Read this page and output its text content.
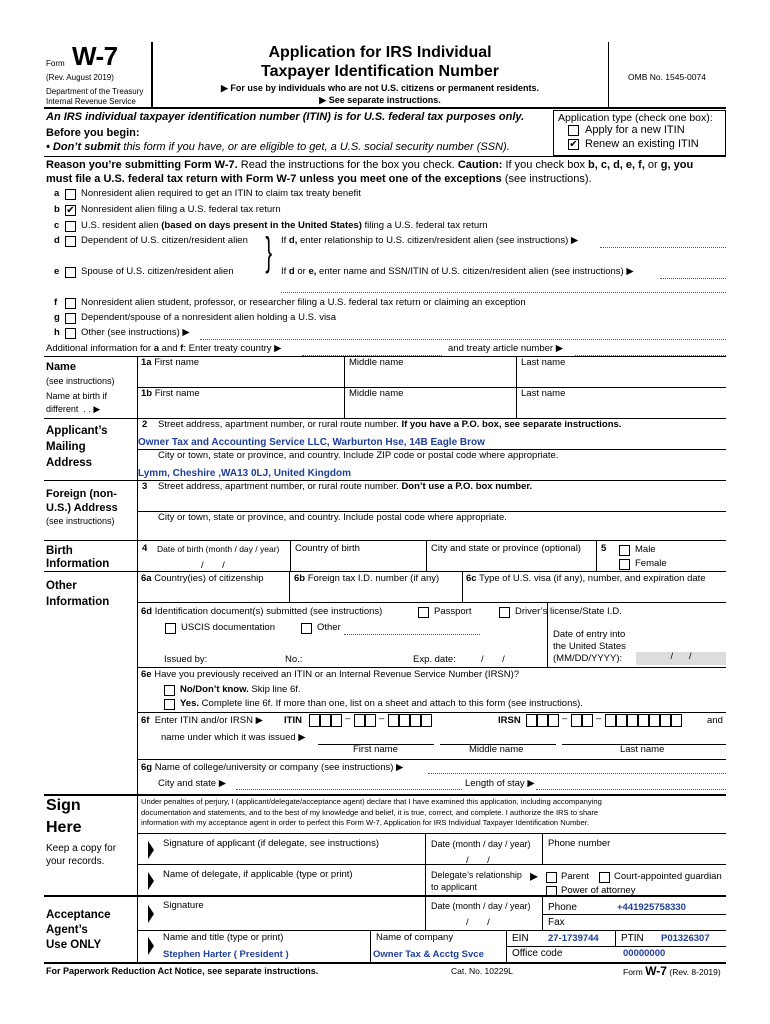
Form W-7
(Rev. August 2019)
Department of the Treasury
Internal Revenue Service
Application for IRS Individual
Taxpayer Identification Number
▶ For use by individuals who are not U.S. citizens or permanent residents.
▶ See separate instructions.
OMB No. 1545-0074
An IRS individual taxpayer identification number (ITIN) is for U.S. federal tax purposes only.
Before you begin:
• Don’t submit this form if you have, or are eligible to get, a U.S. social security number (SSN).
Application type (check one box):
Apply for a new ITIN
✔ Renew an existing ITIN
Reason you’re submitting Form W-7. Read the instructions for the box you check. Caution: If you check box b, c, d, e, f, or g, you
must file a U.S. federal tax return with Form W-7 unless you meet one of the exceptions (see instructions).
a Nonresident alien required to get an ITIN to claim tax treaty benefit
b ✔ Nonresident alien filing a U.S. federal tax return
c U.S. resident alien (based on days present in the United States) filing a U.S. federal tax return
d Dependent of U.S. citizen/resident alien } If d, enter relationship to U.S. citizen/resident alien (see instructions) ▶
e Spouse of U.S. citizen/resident alien	If d or e, enter name and SSN/ITIN of U.S. citizen/resident alien (see instructions) ▶
f	Nonresident alien student, professor, or researcher filing a U.S. federal tax return or claiming an exception
g Dependent/spouse of a nonresident alien holding a U.S. visa
h Other (see instructions) ▶
Additional information for a and f: Enter treaty country ▶	and treaty article number ▶
Name
(see instructions)
Name at birth if
different . . ▶
1a First name	Middle name	Last name
1b First name	Middle name	Last name
Applicant’s
Mailing
Address
2 Street address, apartment number, or rural route number. If you have a P.O. box, see separate instructions.
Owner Tax and Accounting Service LLC, Warburton Hse, 14B Eagle Brow
City or town, state or province, and country. Include ZIP code or postal code where appropriate.
Lymm, Cheshire ,WA13 0LJ, United Kingdom
Foreign (non-
U.S.) Address
(see instructions)
3 Street address, apartment number, or rural route number. Don’t use a P.O. box number.
City or town, state or province, and country. Include postal code where appropriate.
Birth
Information
4 Date of birth (month / day / year)
/       /
Country of birth	City and state or province (optional) 5	Male
Female
Other
Information
6a Country(ies) of citizenship	6b Foreign tax I.D. number (if any)	6c Type of U.S. visa (if any), number, and expiration date
6d Identification document(s) submitted (see instructions)	Passport	Driver’s license/State I.D.
USCIS documentation	Other
Date of entry into
the United States
(MM/DD/YYYY):	/      /
Issued by:	No.:	Exp. date:	/       /
6e Have you previously received an ITIN or an Internal Revenue Service Number (IRSN)?
No/Don’t know. Skip line 6f.
Yes. Complete line 6f. If more than one, list on a sheet and attach to this form (see instructions).
6f Enter ITIN and/or IRSN ▶ ITIN	–	–	IRSN	–	–	and
name under which it was issued ▶
First name	Middle name	Last name
6g Name of college/university or company (see instructions) ▶
City and state ▶	Length of stay ▶
Sign
Here
Keep a copy for
your records.
Under penalties of perjury, I (applicant/delegate/acceptance agent) declare that I have examined this application, including accompanying
documentation and statements, and to the best of my knowledge and belief, it is true, correct, and complete. I authorize the IRS to share
information with my acceptance agent in order to perfect this Form W-7, Application for IRS Individual Taxpayer Identification Number.
Signature of applicant (if delegate, see instructions)	Date (month / day / year)
/       /
Phone number
Name of delegate, if applicable (type or print)	Delegate’s relationship
to applicant
▸ Parent	Court-appointed guardian
Power of attorney
Acceptance
Agent’s
Use ONLY
Signature	Date (month / day / year)
/       /
Phone	+441925758330
Fax
Name and title (type or print)
Stephen Harter ( President )
Name of company
Owner Tax & Acctg Svce
EIN 27-1739744 PTIN P01326307
Office code	00000000
For Paperwork Reduction Act Notice, see separate instructions.	Cat. No. 10229L	Form W-7 (Rev. 8-2019)
